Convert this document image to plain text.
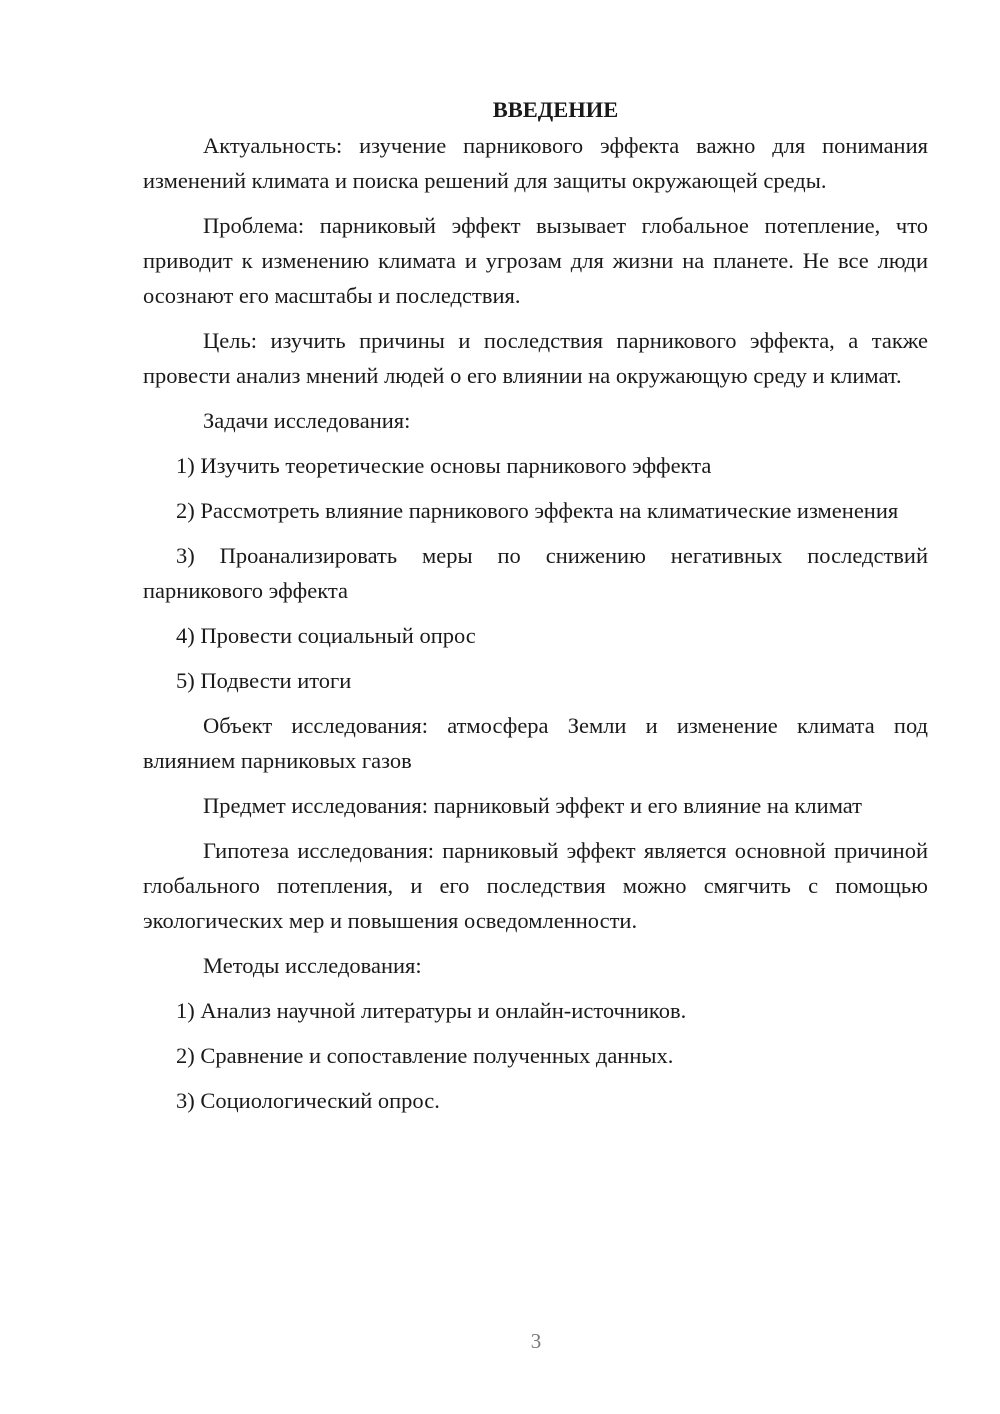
ВВЕДЕНИЕ

Актуальность: изучение парникового эффекта важно для понимания изменений климата и поиска решений для защиты окружающей среды.

Проблема: парниковый эффект вызывает глобальное потепление, что приводит к изменению климата и угрозам для жизни на планете. Не все люди осознают его масштабы и последствия.

Цель: изучить причины и последствия парникового эффекта, а также провести анализ мнений людей о его влиянии на окружающую среду и климат.

Задачи исследования:

1) Изучить теоретические основы парникового эффекта

2) Рассмотреть влияние парникового эффекта на климатические изменения

3) Проанализировать меры по снижению негативных последствий парникового эффекта

4) Провести социальный опрос

5) Подвести итоги

Объект исследования: атмосфера Земли и изменение климата под влиянием парниковых газов

Предмет исследования: парниковый эффект и его влияние на климат

Гипотеза исследования: парниковый эффект является основной причиной глобального потепления, и его последствия можно смягчить с помощью экологических мер и повышения осведомленности.

Методы исследования:

1) Анализ научной литературы и онлайн-источников.

2) Сравнение и сопоставление полученных данных.

3) Социологический опрос.

3
